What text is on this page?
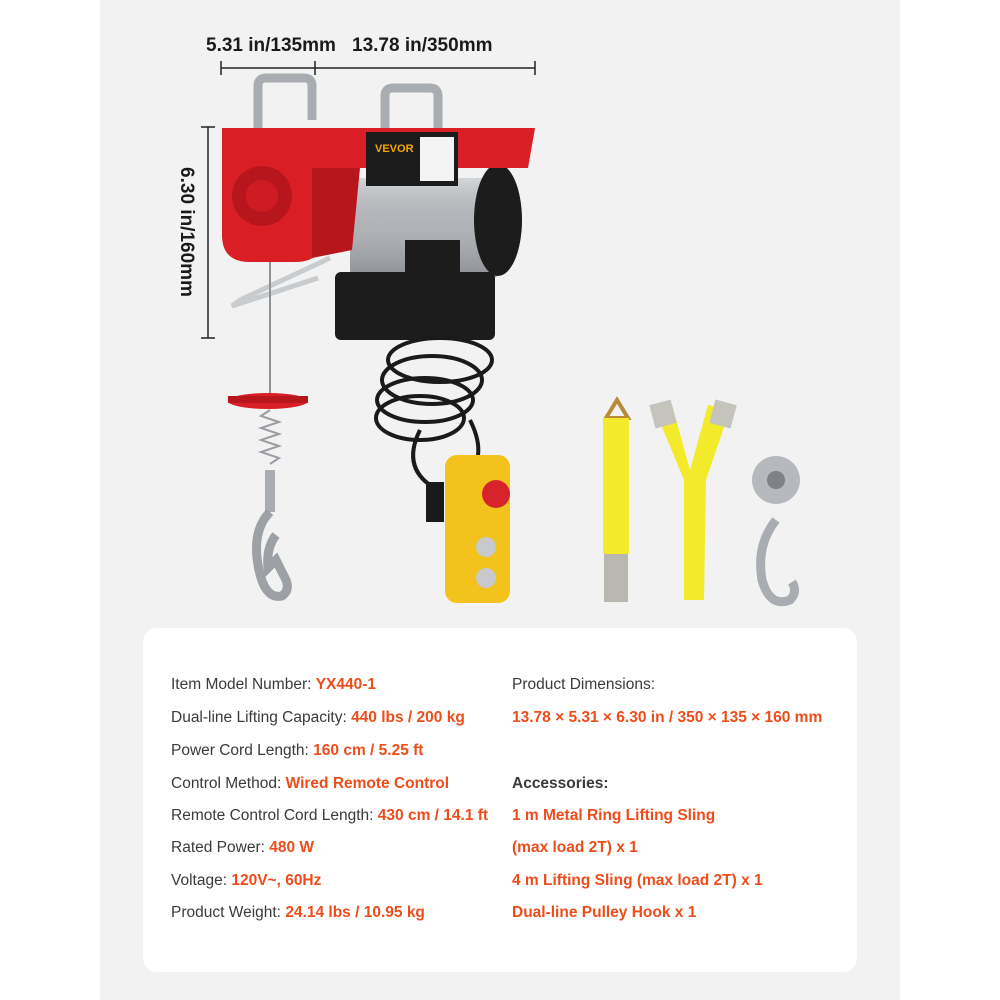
VEVOR
5.31 in/135mm 13.78 in/350mm
6.30 in/160mm
Item Model Number: YX440-1
Dual-line Lifting Capacity: 440 lbs / 200 kg
Power Cord Length: 160 cm / 5.25 ft
Control Method: Wired Remote Control
Remote Control Cord Length: 430 cm / 14.1 ft
Rated Power: 480 W
Voltage: 120V~, 60Hz
Product Weight: 24.14 lbs / 10.95 kg
Product Dimensions:
13.78 × 5.31 × 6.30 in / 350 × 135 × 160 mm
Accessories:
1 m Metal Ring Lifting Sling
(max load 2T) x 1
4 m Lifting Sling (max load 2T) x 1
Dual-line Pulley Hook x 1
